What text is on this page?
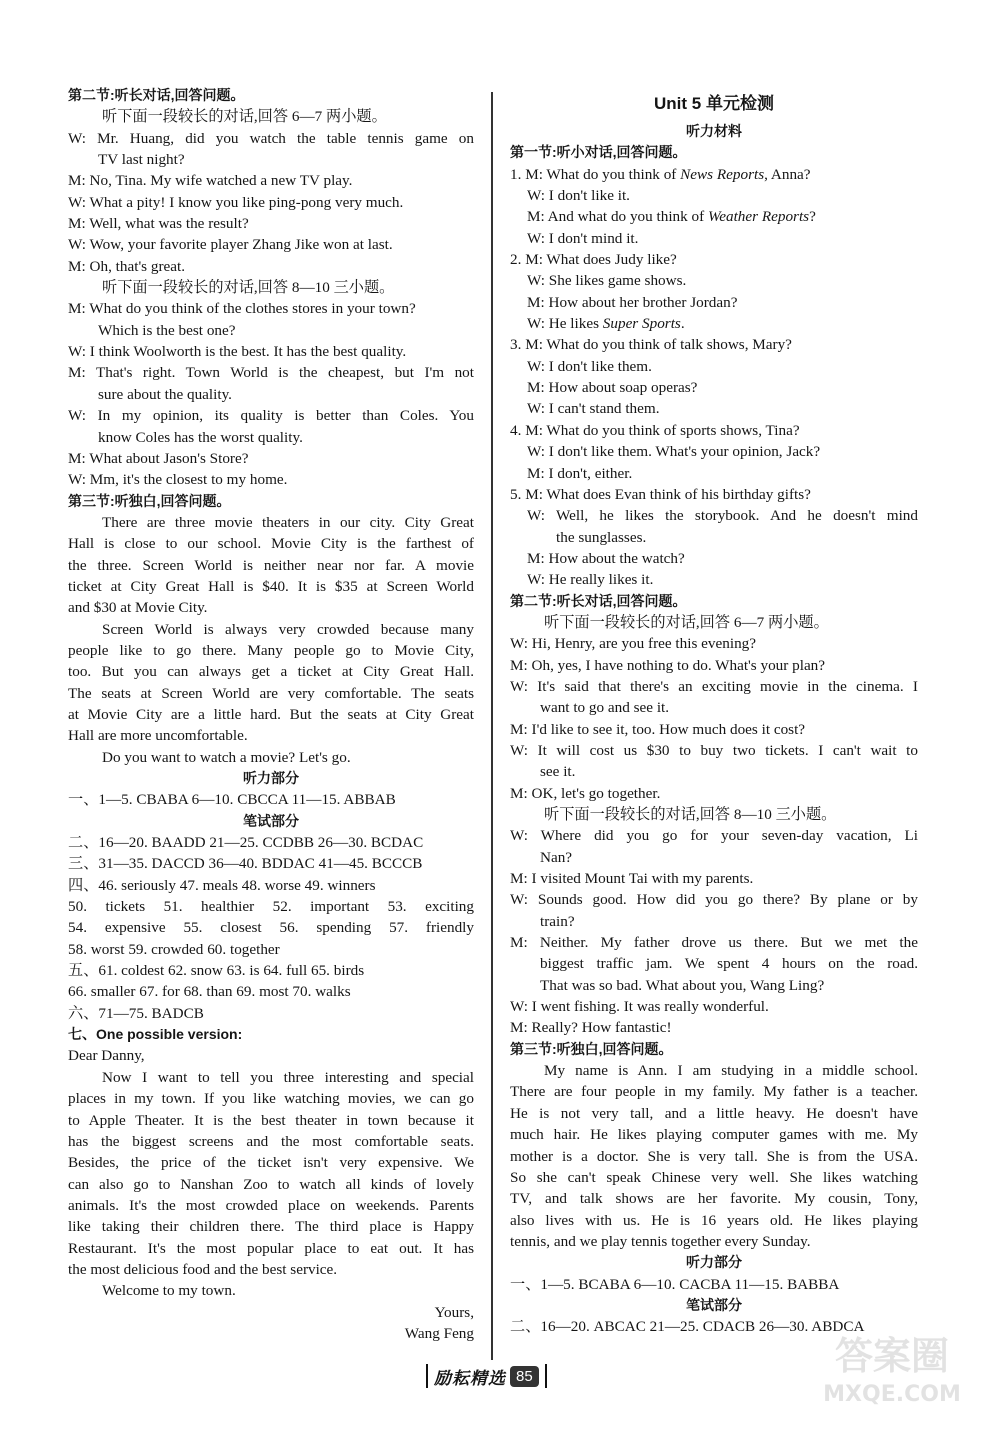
第二节:听长对话,回答问题。
听下面一段较长的对话,回答 6—7 两小题。
W: Mr. Huang, did you watch the table tennis game on
TV last night?
M: No, Tina. My wife watched a new TV play.
W: What a pity! I know you like ping-pong very much.
M: Well, what was the result?
W: Wow, your favorite player Zhang Jike won at last.
M: Oh, that's great.
听下面一段较长的对话,回答 8—10 三小题。
M: What do you think of the clothes stores in your town?
Which is the best one?
W: I think Woolworth is the best. It has the best quality.
M: That's right. Town World is the cheapest, but I'm not
sure about the quality.
W: In my opinion, its quality is better than Coles. You
know Coles has the worst quality.
M: What about Jason's Store?
W: Mm, it's the closest to my home.
第三节:听独白,回答问题。
There are three movie theaters in our city. City Great
Hall is close to our school. Movie City is the farthest of
the three. Screen World is neither near nor far. A movie
ticket at City Great Hall is $40. It is $35 at Screen World
and $30 at Movie City.
Screen World is always very crowded because many
people like to go there. Many people go to Movie City,
too. But you can always get a ticket at City Great Hall.
The seats at Screen World are very comfortable. The seats
at Movie City are a little hard. But the seats at City Great
Hall are more uncomfortable.
Do you want to watch a movie? Let's go.
听力部分
一、1—5. CBABA 6—10. CBCCA 11—15. ABBAB
笔试部分
二、16—20. BAADD 21—25. CCDBB 26—30. BCDAC
三、31—35. DACCD 36—40. BDDAC 41—45. BCCCB
四、46. seriously 47. meals 48. worse 49. winners
50. tickets 51. healthier 52. important 53. exciting
54. expensive 55. closest 56. spending 57. friendly
58. worst 59. crowded 60. together
五、61. coldest 62. snow 63. is 64. full 65. birds
66. smaller 67. for 68. than 69. most 70. walks
六、71—75. BADCB
七、One possible version:
Dear Danny,
Now I want to tell you three interesting and special
places in my town. If you like watching movies, we can go
to Apple Theater. It is the best theater in town because it
has the biggest screens and the most comfortable seats.
Besides, the price of the ticket isn't very expensive. We
can also go to Nanshan Zoo to watch all kinds of lovely
animals. It's the most crowded place on weekends. Parents
like taking their children there. The third place is Happy
Restaurant. It's the most popular place to eat out. It has
the most delicious food and the best service.
Welcome to my town.
Yours,
Wang Feng
Unit 5 单元检测
听力材料
第一节:听小对话,回答问题。
1. M: What do you think of News Reports, Anna?
W: I don't like it.
M: And what do you think of Weather Reports?
W: I don't mind it.
2. M: What does Judy like?
W: She likes game shows.
M: How about her brother Jordan?
W: He likes Super Sports.
3. M: What do you think of talk shows, Mary?
W: I don't like them.
M: How about soap operas?
W: I can't stand them.
4. M: What do you think of sports shows, Tina?
W: I don't like them. What's your opinion, Jack?
M: I don't, either.
5. M: What does Evan think of his birthday gifts?
W: Well, he likes the storybook. And he doesn't mind
the sunglasses.
M: How about the watch?
W: He really likes it.
第二节:听长对话,回答问题。
听下面一段较长的对话,回答 6—7 两小题。
W: Hi, Henry, are you free this evening?
M: Oh, yes, I have nothing to do. What's your plan?
W: It's said that there's an exciting movie in the cinema. I
want to go and see it.
M: I'd like to see it, too. How much does it cost?
W: It will cost us $30 to buy two tickets. I can't wait to
see it.
M: OK, let's go together.
听下面一段较长的对话,回答 8—10 三小题。
W: Where did you go for your seven-day vacation, Li
Nan?
M: I visited Mount Tai with my parents.
W: Sounds good. How did you go there? By plane or by
train?
M: Neither. My father drove us there. But we met the
biggest traffic jam. We spent 4 hours on the road.
That was so bad. What about you, Wang Ling?
W: I went fishing. It was really wonderful.
M: Really? How fantastic!
第三节:听独白,回答问题。
My name is Ann. I am studying in a middle school.
There are four people in my family. My father is a teacher.
He is not very tall, and a little heavy. He doesn't have
much hair. He likes playing computer games with me. My
mother is a doctor. She is very tall. She is from the USA.
So she can't speak Chinese very well. She likes watching
TV, and talk shows are her favorite. My cousin, Tony,
also lives with us. He is 16 years old. He likes playing
tennis, and we play tennis together every Sunday.
听力部分
一、1—5. BCABA 6—10. CACBA 11—15. BABBA
笔试部分
二、16—20. ABCAC 21—25. CDACB 26—30. ABDCA
励耘精选 85	答案圈
MXQE.COM
